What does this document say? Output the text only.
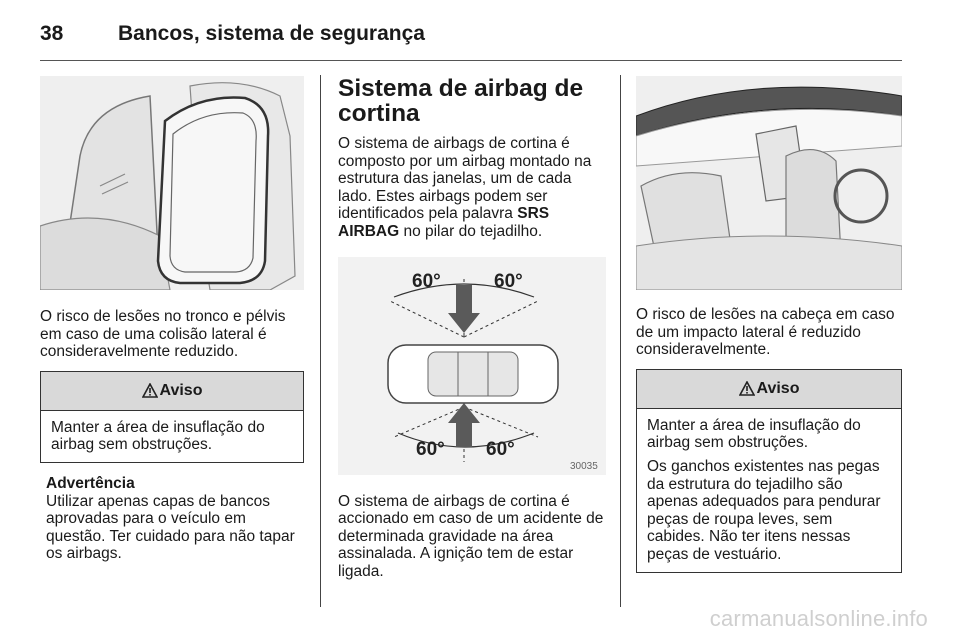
38	Bancos, sistema de segurança

O risco de lesões no tronco e pélvis em caso de uma colisão lateral é consideravelmente reduzido.

Aviso

Manter a área de insuflação do airbag sem obstruções.

Advertência

Utilizar apenas capas de bancos aprovadas para o veículo em questão. Ter cuidado para não tapar os airbags.

Sistema de airbag de cortina

O sistema de airbags de cortina é composto por um airbag montado na estrutura das janelas, um de cada lado. Estes airbags podem ser identificados pela palavra SRS AIRBAG no pilar do tejadilho.

60°	60°
60° 60°
30035

O sistema de airbags de cortina é accionado em caso de um acidente de determinada gravidade na área assinalada. A ignição tem de estar ligada.

O risco de lesões na cabeça em caso de um impacto lateral é reduzido consideravelmente.

Aviso

Manter a área de insuflação do airbag sem obstruções.

Os ganchos existentes nas pegas da estrutura do tejadilho são apenas adequados para pendurar peças de roupa leves, sem cabides. Não ter itens nessas peças de vestuário.

carmanualsonline.info
